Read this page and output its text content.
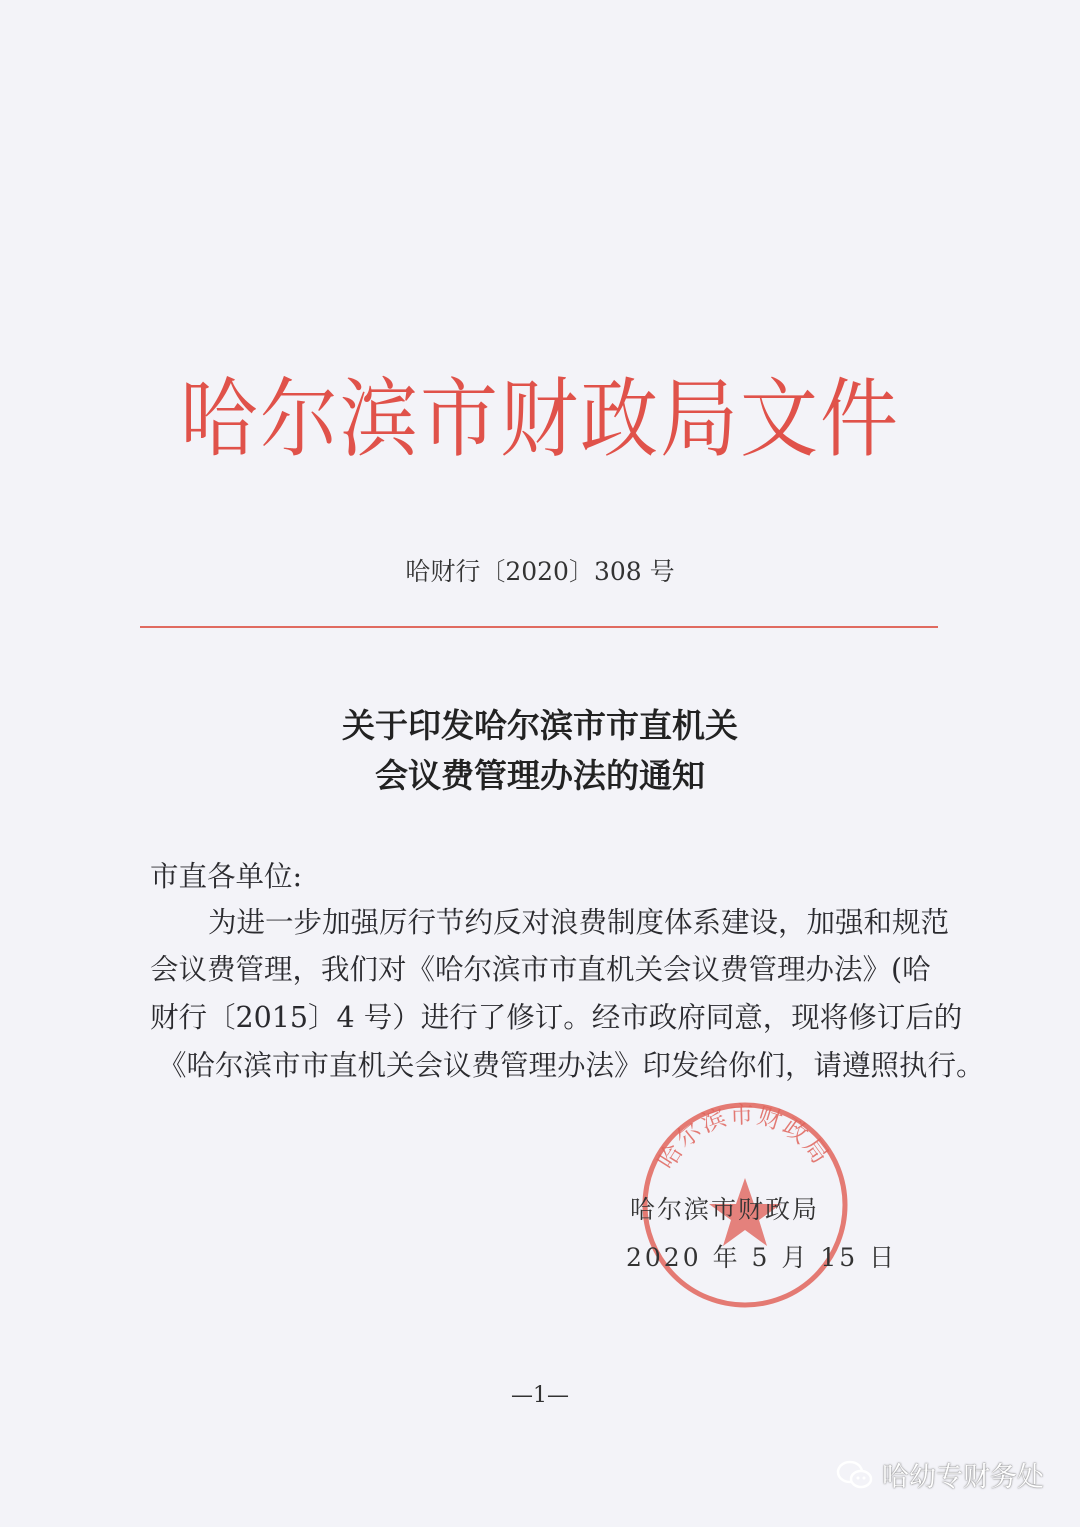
哈尔滨市财政局文件
哈财行〔2020〕308 号
关于印发哈尔滨市市直机关
会议费管理办法的通知
市直各单位:
为进一步加强厉行节约反对浪费制度体系建设，加强和规范
会议费管理，我们对《哈尔滨市市直机关会议费管理办法》(哈
财行〔2015〕4 号）进行了修订。经市政府同意，现将修订后的
《哈尔滨市市直机关会议费管理办法》印发给你们，请遵照执行。
哈尔滨市财政局
哈尔滨市财政局
2020 年 5 月 15 日
—1—
哈幼专财务处
